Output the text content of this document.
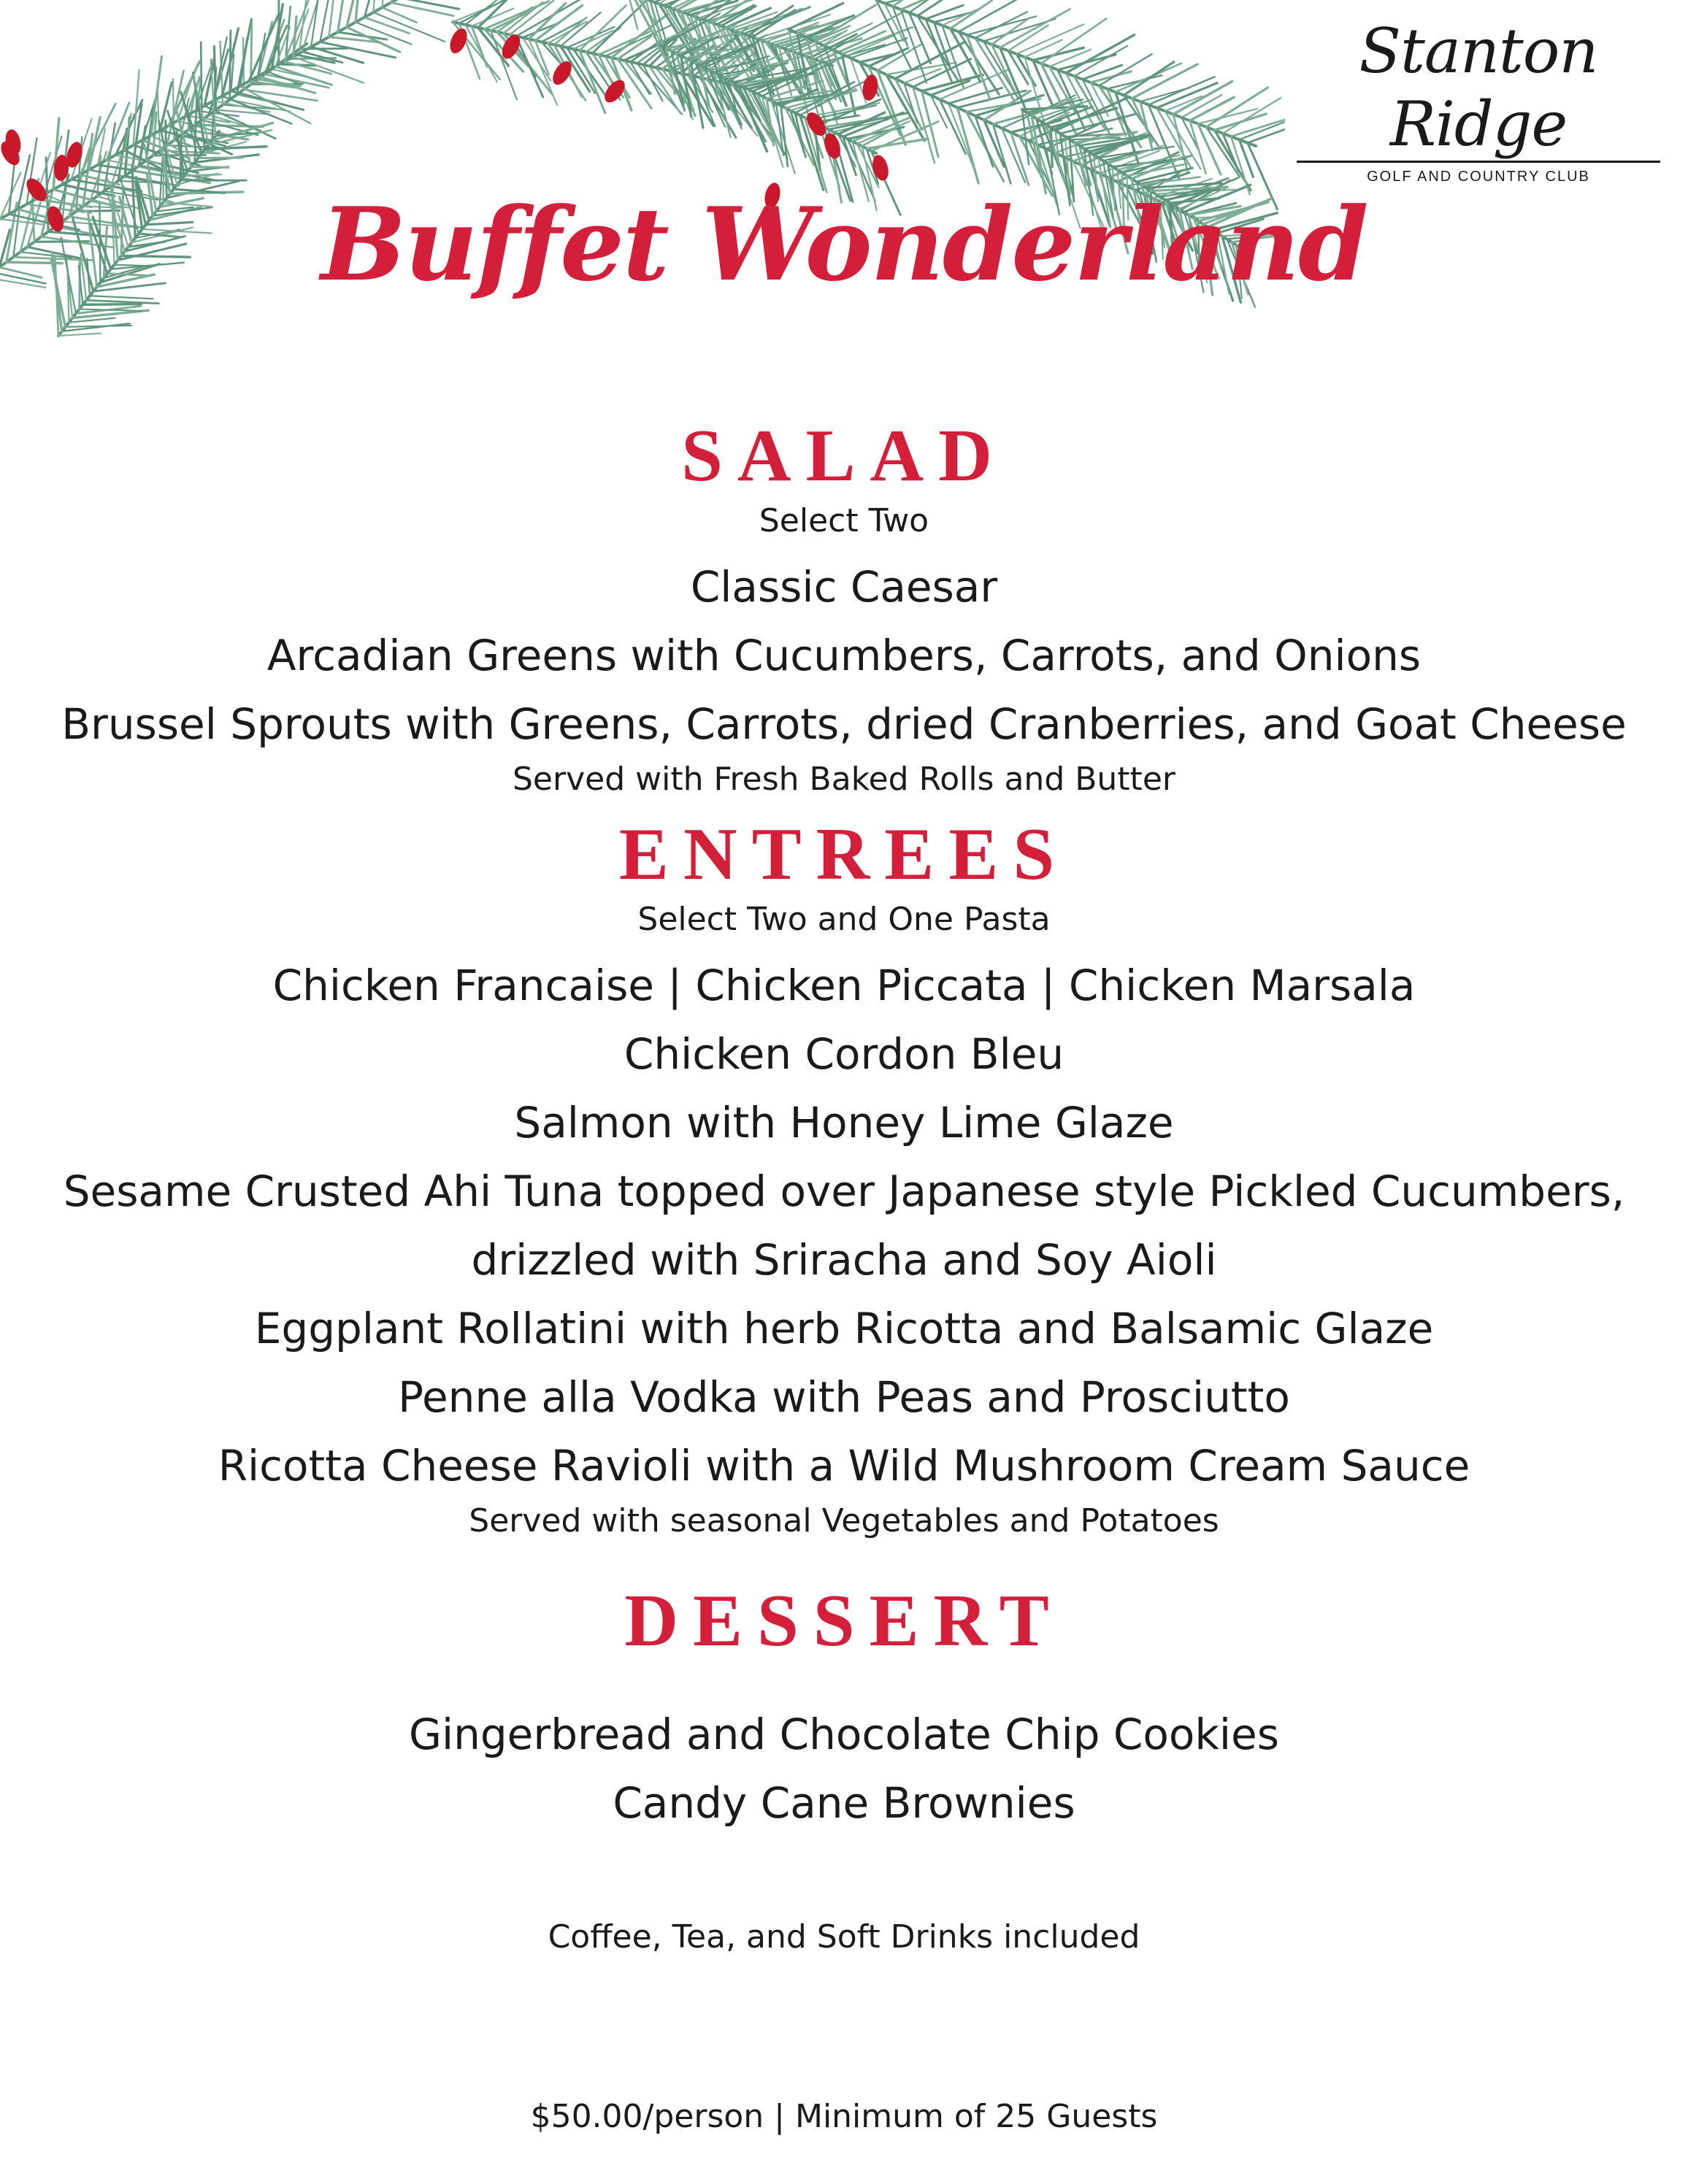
Stanton Ridge
GOLF AND COUNTRY CLUB
Buffet Wonderland
SALAD
Select Two
Classic Caesar
Arcadian Greens with Cucumbers, Carrots, and Onions
Brussel Sprouts with Greens, Carrots, dried Cranberries, and Goat Cheese
Served with Fresh Baked Rolls and Butter
ENTREES
Select Two and One Pasta
Chicken Francaise | Chicken Piccata | Chicken Marsala
Chicken Cordon Bleu
Salmon with Honey Lime Glaze
Sesame Crusted Ahi Tuna topped over Japanese style Pickled Cucumbers,
drizzled with Sriracha and Soy Aioli
Eggplant Rollatini with herb Ricotta and Balsamic Glaze
Penne alla Vodka with Peas and Prosciutto
Ricotta Cheese Ravioli with a Wild Mushroom Cream Sauce
Served with seasonal Vegetables and Potatoes
DESSERT
Gingerbread and Chocolate Chip Cookies
Candy Cane Brownies
Coffee, Tea, and Soft Drinks included
$50.00/person | Minimum of 25 Guests
